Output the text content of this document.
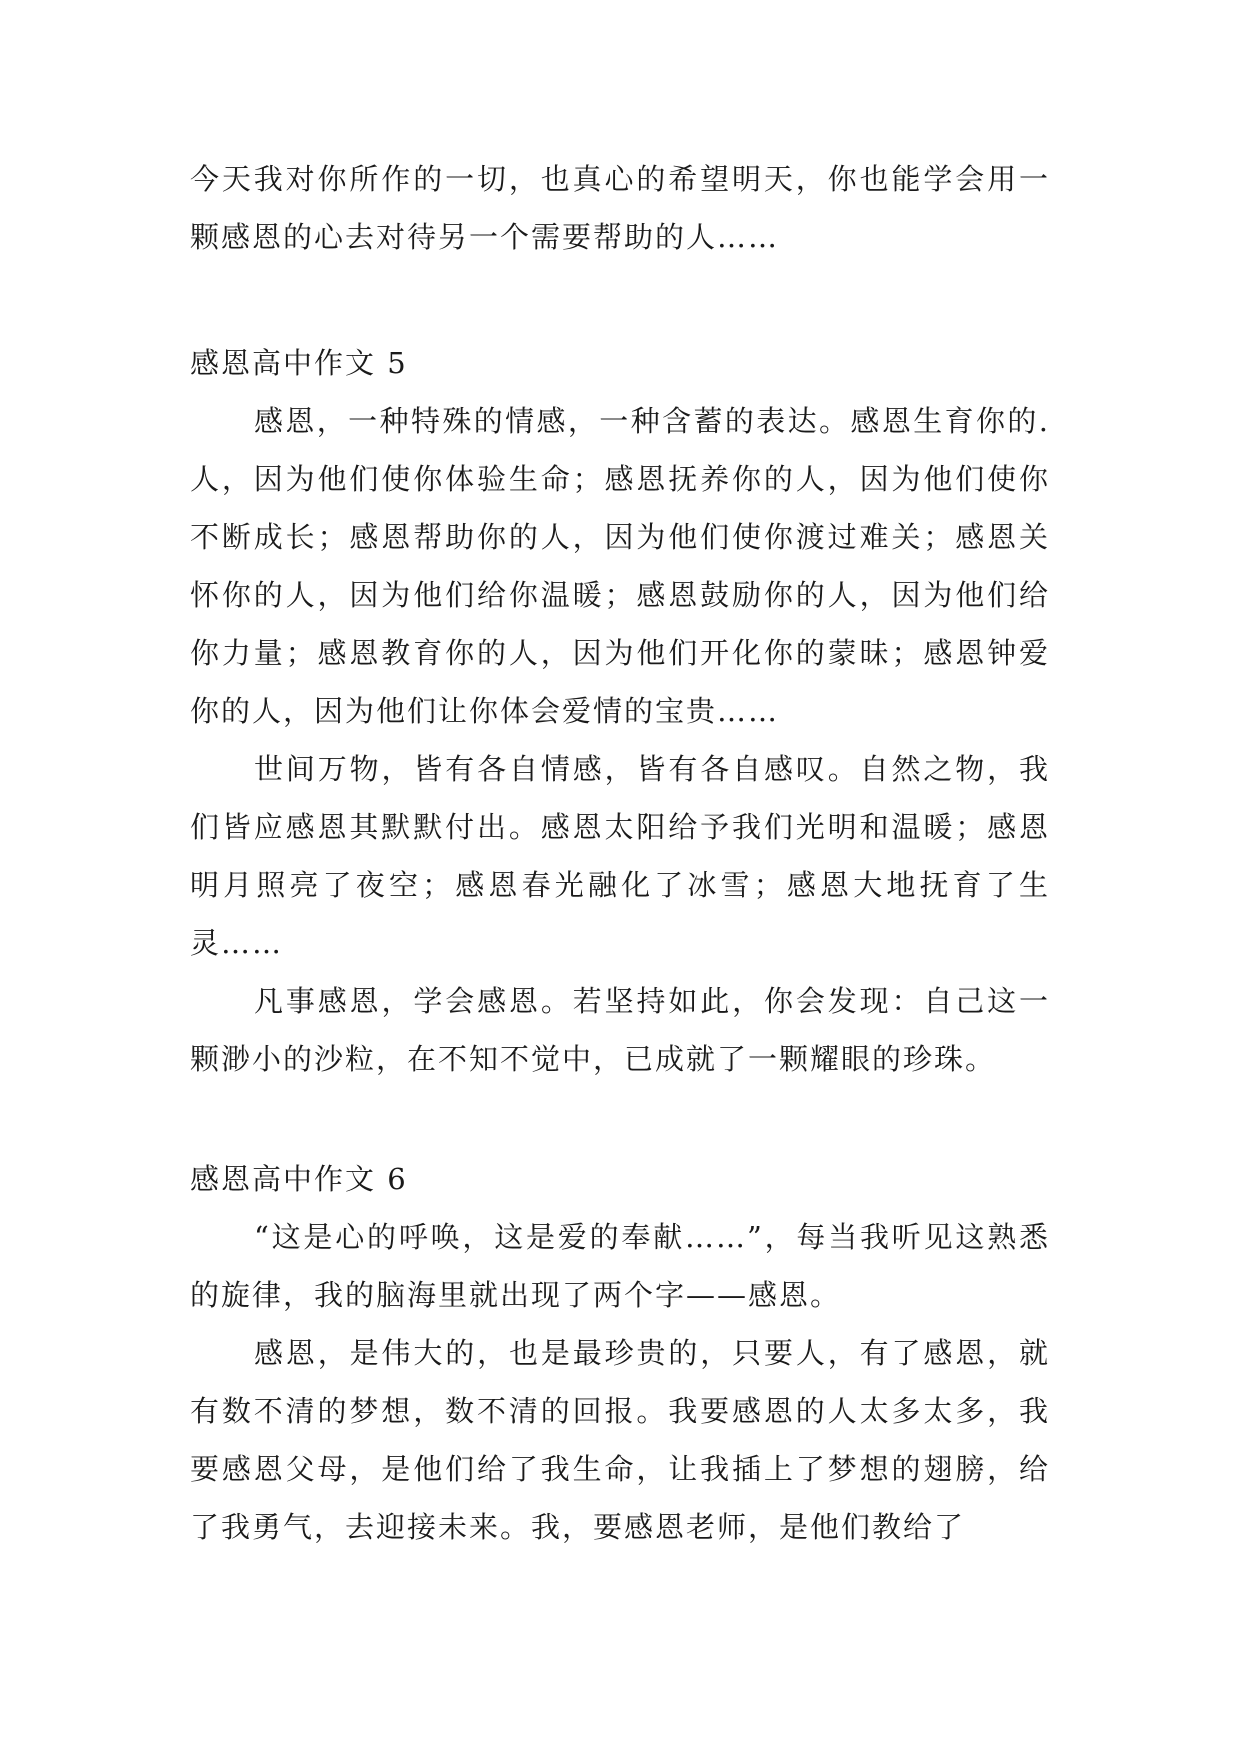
今天我对你所作的一切，也真心的希望明天，你也能学会用一颗感恩的心去对待另一个需要帮助的人……

感恩高中作文 5

感恩，一种特殊的情感，一种含蓄的表达。感恩生育你的. 人，因为他们使你体验生命；感恩抚养你的人，因为他们使你不断成长；感恩帮助你的人，因为他们使你渡过难关；感恩关怀你的人，因为他们给你温暖；感恩鼓励你的人，因为他们给你力量；感恩教育你的人，因为他们开化你的蒙昧；感恩钟爱你的人，因为他们让你体会爱情的宝贵……

世间万物，皆有各自情感，皆有各自感叹。自然之物，我们皆应感恩其默默付出。感恩太阳给予我们光明和温暖；感恩明月照亮了夜空；感恩春光融化了冰雪；感恩大地抚育了生灵……

凡事感恩，学会感恩。若坚持如此，你会发现：自己这一颗渺小的沙粒，在不知不觉中，已成就了一颗耀眼的珍珠。

感恩高中作文 6

“这是心的呼唤，这是爱的奉献……”，每当我听见这熟悉的旋律，我的脑海里就出现了两个字——感恩。

感恩，是伟大的，也是最珍贵的，只要人，有了感恩，就有数不清的梦想，数不清的回报。我要感恩的人太多太多，我要感恩父母，是他们给了我生命，让我插上了梦想的翅膀，给了我勇气，去迎接未来。我，要感恩老师，是他们教给了
